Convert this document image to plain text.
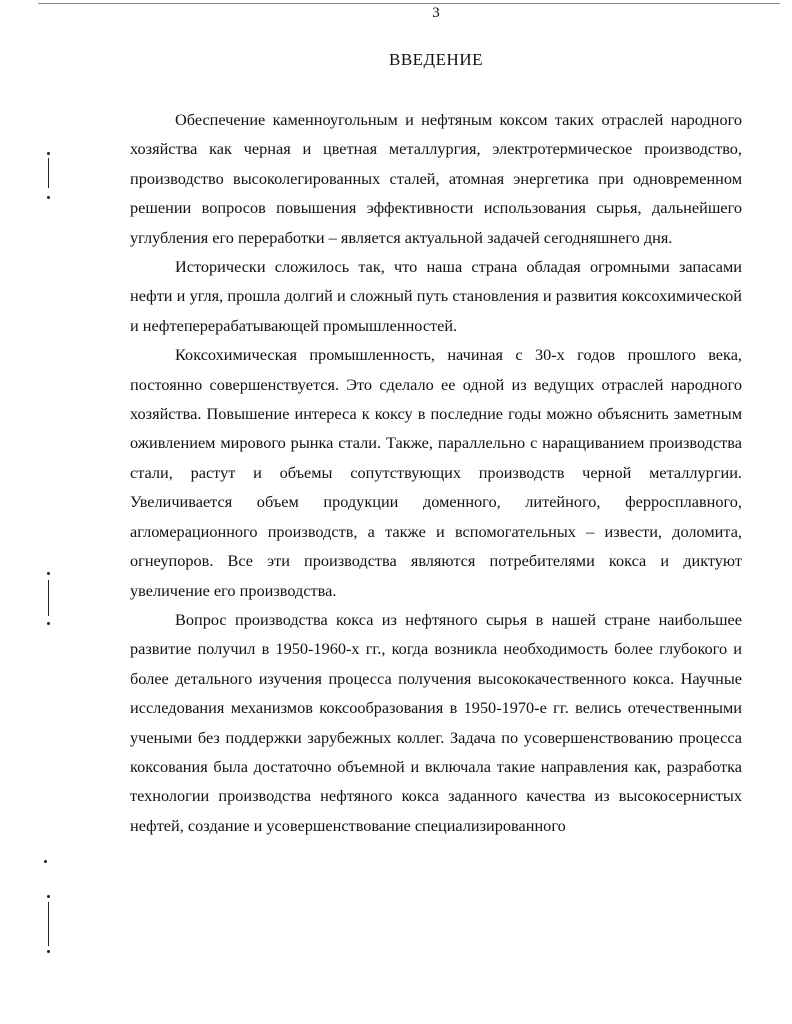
3
ВВЕДЕНИЕ

Обеспечение каменноугольным и нефтяным коксом таких отраслей народного хозяйства как черная и цветная металлургия, электротермическое производство, производство высоколегированных сталей, атомная энергетика при одновременном решении вопросов повышения эффективности использования сырья, дальнейшего углубления его переработки – является актуальной задачей сегодняшнего дня.

Исторически сложилось так, что наша страна обладая огромными запасами нефти и угля, прошла долгий и сложный путь становления и развития коксохимической и нефтеперерабатывающей промышленностей.

Коксохимическая промышленность, начиная с 30-х годов прошлого века, постоянно совершенствуется. Это сделало ее одной из ведущих отраслей народного хозяйства. Повышение интереса к коксу в последние годы можно объяснить заметным оживлением мирового рынка стали. Также, параллельно с наращиванием производства стали, растут и объемы сопутствующих производств черной металлургии. Увеличивается объем продукции доменного, литейного, ферросплавного, агломерационного производств, а также и вспомогательных – извести, доломита, огнеупоров. Все эти производства являются потребителями кокса и диктуют увеличение его производства.

Вопрос производства кокса из нефтяного сырья в нашей стране наибольшее развитие получил в 1950-1960-х гг., когда возникла необходимость более глубокого и более детального изучения процесса получения высококачественного кокса. Научные исследования механизмов коксообразования в 1950-1970-е гг. велись отечественными учеными без поддержки зарубежных коллег. Задача по усовершенствованию процесса коксования была достаточно объемной и включала такие направления как, разработка технологии производства нефтяного кокса заданного качества из высокосернистых нефтей, создание и усовершенствование специализированного
